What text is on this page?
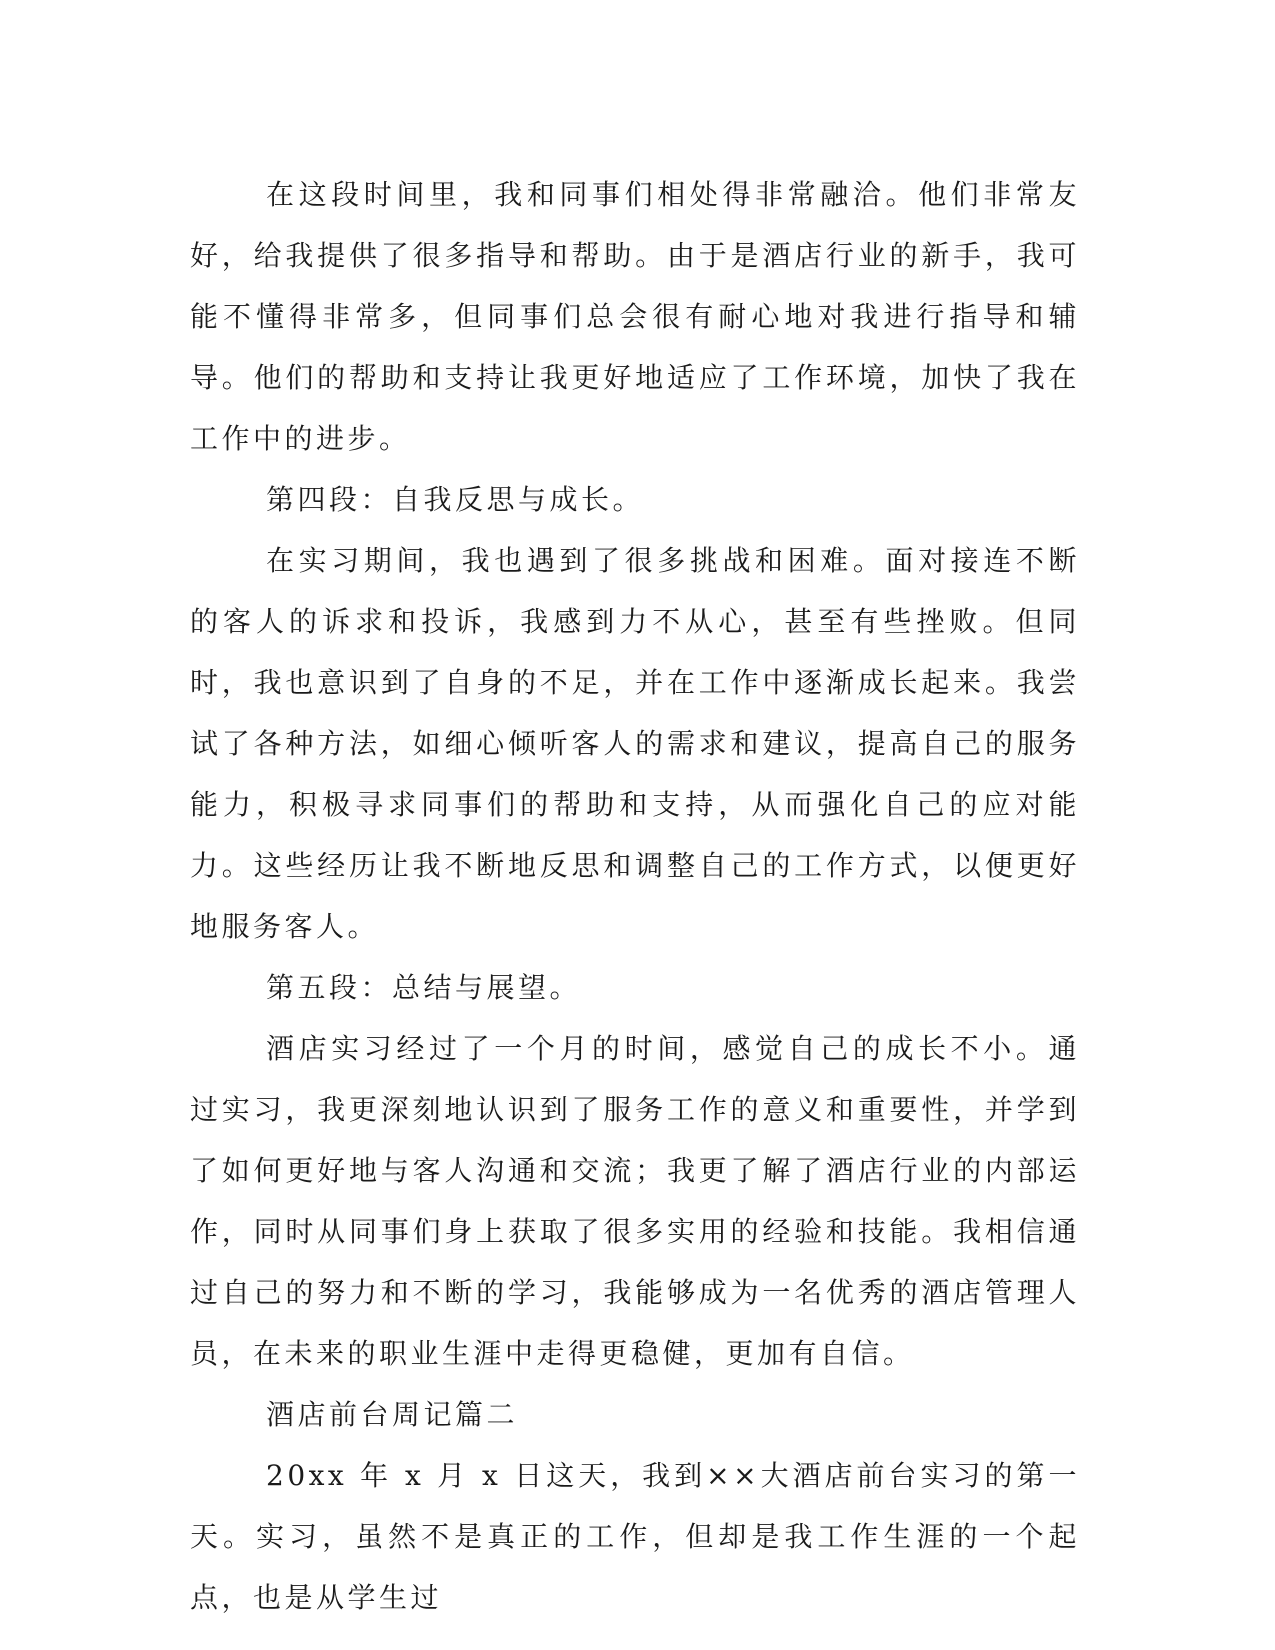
在这段时间里，我和同事们相处得非常融洽。他们非常友好，给我提供了很多指导和帮助。由于是酒店行业的新手，我可能不懂得非常多，但同事们总会很有耐心地对我进行指导和辅导。他们的帮助和支持让我更好地适应了工作环境，加快了我在工作中的进步。

第四段：自我反思与成长。

在实习期间，我也遇到了很多挑战和困难。面对接连不断的客人的诉求和投诉，我感到力不从心，甚至有些挫败。但同时，我也意识到了自身的不足，并在工作中逐渐成长起来。我尝试了各种方法，如细心倾听客人的需求和建议，提高自己的服务能力，积极寻求同事们的帮助和支持，从而强化自己的应对能力。这些经历让我不断地反思和调整自己的工作方式，以便更好地服务客人。

第五段：总结与展望。

酒店实习经过了一个月的时间，感觉自己的成长不小。通过实习，我更深刻地认识到了服务工作的意义和重要性，并学到了如何更好地与客人沟通和交流；我更了解了酒店行业的内部运作，同时从同事们身上获取了很多实用的经验和技能。我相信通过自己的努力和不断的学习，我能够成为一名优秀的酒店管理人员，在未来的职业生涯中走得更稳健，更加有自信。

酒店前台周记篇二

20xx 年 x 月 x 日这天，我到××大酒店前台实习的第一天。实习，虽然不是真正的工作，但却是我工作生涯的一个起点，也是从学生过
